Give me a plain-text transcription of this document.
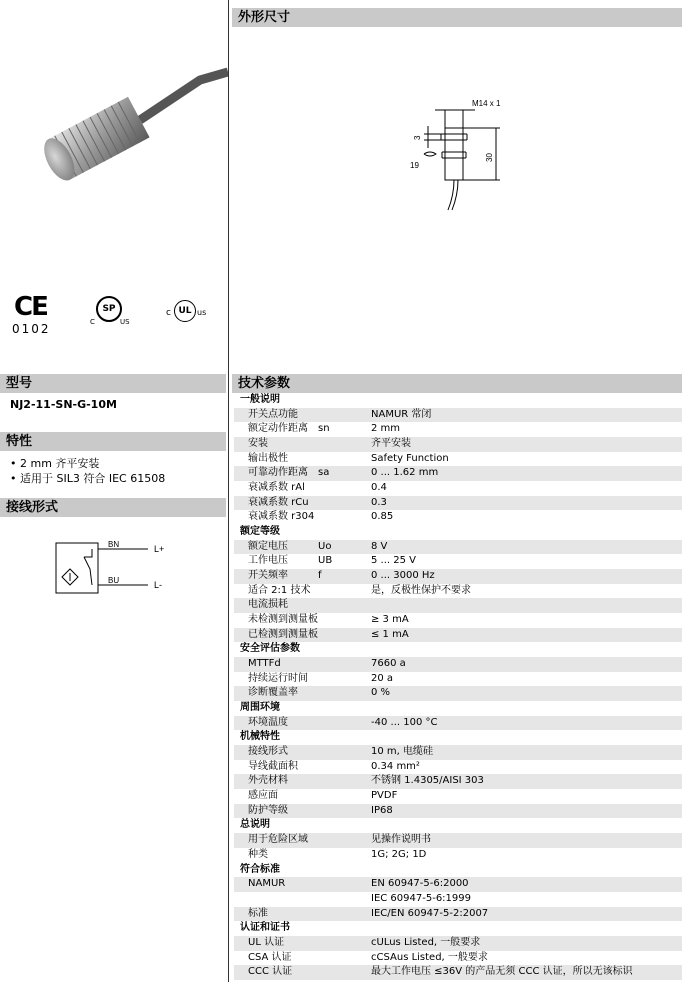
CE
0102
SP
C	US
c UL us
外形尺寸
M14 x 1
3
19
30
型号
NJ2-11-SN-G-10M
特性
• 2 mm 齐平安装
• 适用于 SIL3 符合 IEC 61508
接线形式
BN
BU
L+
L-
技术参数
一般说明
开关点功能	NAMUR 常闭
额定动作距离 sn	2 mm
安装	齐平安装
输出极性	Safety Function
可靠动作距离 sa	0 ... 1.62 mm
衰减系数 rAl	0.4
衰减系数 rCu	0.3
衰减系数 r304	0.85
额定等级
额定电压	Uo	8 V
工作电压	UB	5 ... 25 V
开关频率	f	0 ... 3000 Hz
适合 2:1 技术	是，反极性保护不要求
电流损耗
未检测到测量板	≥ 3 mA
已检测到测量板	≤ 1 mA
安全评估参数
MTTFd	7660 a
持续运行时间	20 a
诊断覆盖率	0 %
周围环境
环境温度	-40 ... 100 °C
机械特性
接线形式	10 m, 电缆硅
导线截面积	0.34 mm²
外壳材料	不锈钢 1.4305/AISI 303
感应面	PVDF
防护等级	IP68
总说明
用于危险区域	见操作说明书
种类	1G; 2G; 1D
符合标准
NAMUR	EN 60947-5-6:2000
IEC 60947-5-6:1999
标准	IEC/EN 60947-5-2:2007
认证和证书
UL 认证	cULus Listed, 一般要求
CSA 认证	cCSAus Listed, 一般要求
CCC 认证	最大工作电压 ≤36V 的产品无须 CCC 认证，所以无该标识
